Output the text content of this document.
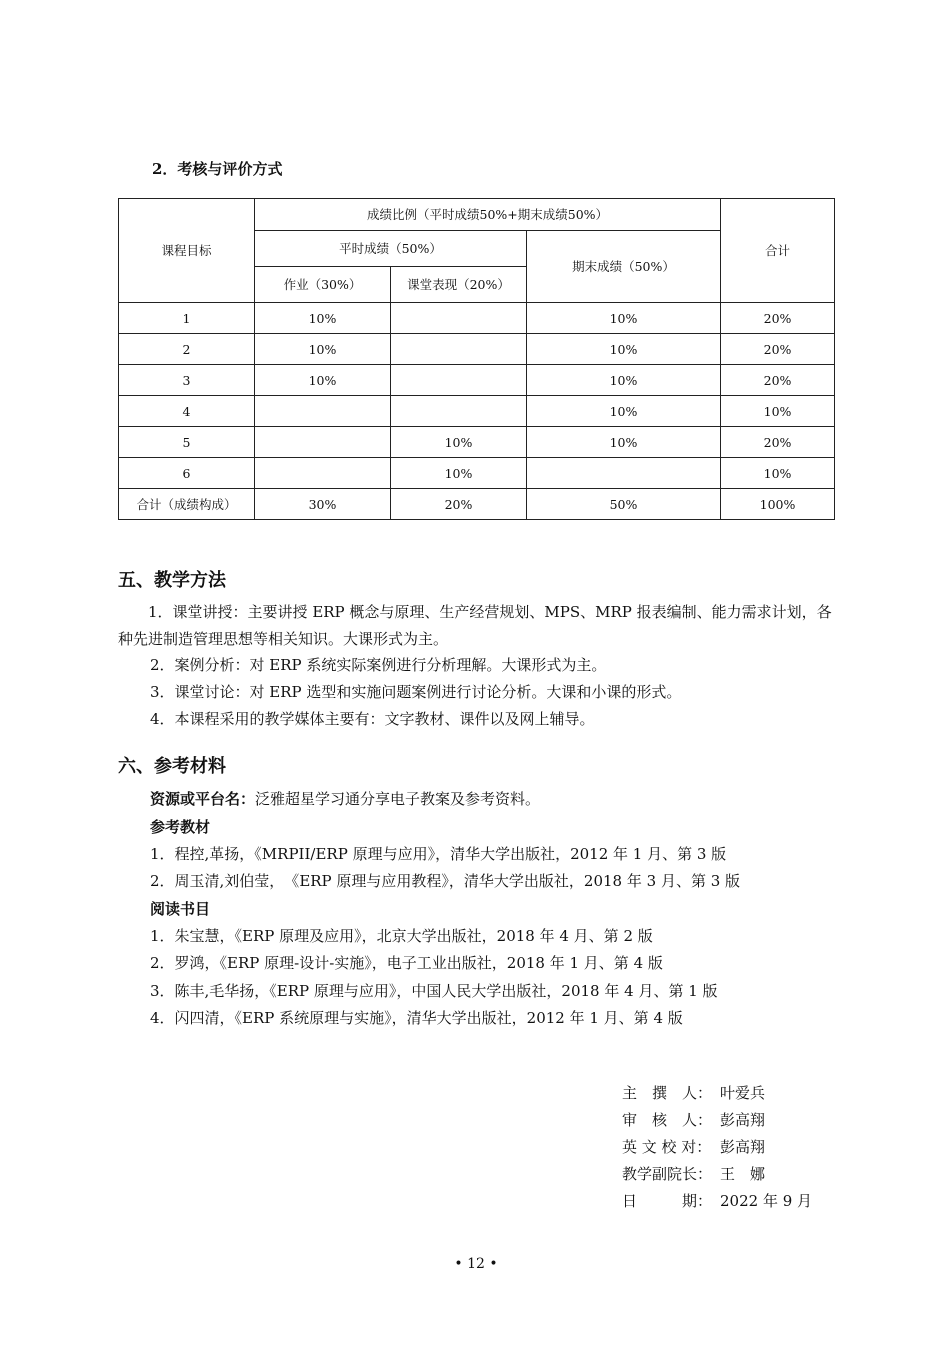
2．考核与评价方式
课程目标	成绩比例（平时成绩50%+期末成绩50%）			合计
	平时成绩（50%）		期末成绩（50%）	
	作业（30%）	课堂表现（20%）		
1	10%		10%	20%
2	10%		10%	20%
3	10%		10%	20%
4			10%	10%
5		10%	10%	20%
6		10%		10%
合计（成绩构成）	30%	20%	50%	100%
五、教学方法
1．课堂讲授：主要讲授 ERP 概念与原理、生产经营规划、MPS、MRP 报表编制、能力需求计划，各种先进制造管理思想等相关知识。大课形式为主。
2．案例分析：对 ERP 系统实际案例进行分析理解。大课形式为主。
3．课堂讨论：对 ERP 选型和实施问题案例进行讨论分析。大课和小课的形式。
4．本课程采用的教学媒体主要有：文字教材、课件以及网上辅导。
六、参考材料
资源或平台名：泛雅超星学习通分享电子教案及参考资料。
参考教材
1．程控,革扬，《MRPII/ERP 原理与应用》，清华大学出版社，2012 年 1 月、第 3 版
2．周玉清,刘伯莹，　《ERP 原理与应用教程》，清华大学出版社，2018 年 3 月、第 3 版
阅读书目
1．朱宝慧，《ERP 原理及应用》，北京大学出版社，2018 年 4 月、第 2 版
2．罗鸿，《ERP 原理-设计-实施》，电子工业出版社，2018 年 1 月、第 4 版
3．陈丰,毛华扬，《ERP 原理与应用》，中国人民大学出版社，2018 年 4 月、第 1 版
4．闪四清，《ERP 系统原理与实施》，清华大学出版社，2012 年 1 月、第 4 版
主　撰　人： 叶爱兵
审　核　人： 彭高翔
英 文 校 对： 彭高翔
教学副院长： 王　娜
日　　　期： 2022 年 9 月
• 12 •
